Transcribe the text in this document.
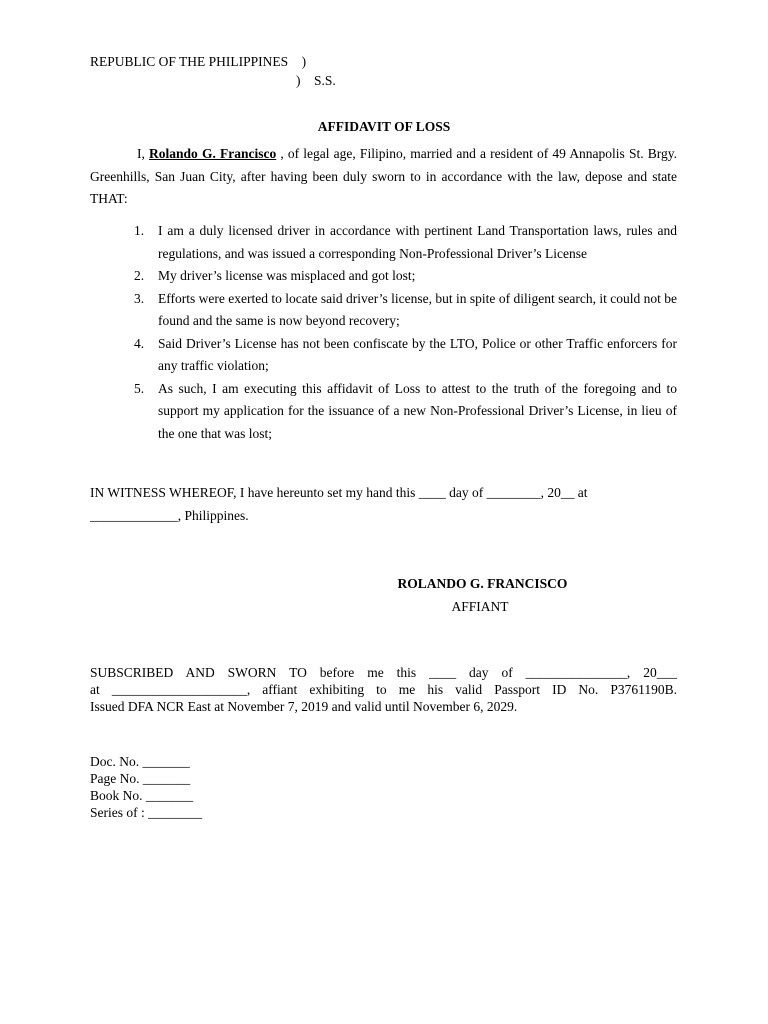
REPUBLIC OF THE PHILIPPINES    )
)    S.S.
AFFIDAVIT OF LOSS
I, Rolando G. Francisco , of legal age, Filipino, married and a resident of 49 Annapolis St. Brgy. Greenhills, San Juan City, after having been duly sworn to in accordance with the law, depose and state THAT:
1. I am a duly licensed driver in accordance with pertinent Land Transportation laws, rules and regulations, and was issued a corresponding Non-Professional Driver’s License
2. My driver’s license was misplaced and got lost;
3. Efforts were exerted to locate said driver’s license, but in spite of diligent search, it could not be found and the same is now beyond recovery;
4. Said Driver’s License has not been confiscate by the LTO, Police or other Traffic enforcers for any traffic violation;
5. As such, I am executing this affidavit of Loss to attest to the truth of the foregoing and to support my application for the issuance of a new Non-Professional Driver’s License, in lieu of the one that was lost;
IN WITNESS WHEREOF, I have hereunto set my hand this ____ day of ________, 20__ at
_____________, Philippines.
ROLANDO G. FRANCISCO
AFFIANT
SUBSCRIBED AND SWORN TO before me this ____ day of _______________, 20___
at ____________________, affiant exhibiting to me his valid Passport ID No. P3761190B.
Issued DFA NCR East at November 7, 2019 and valid until November 6, 2029.
Doc. No. _______
Page No. _______
Book No. _______
Series of : ________
